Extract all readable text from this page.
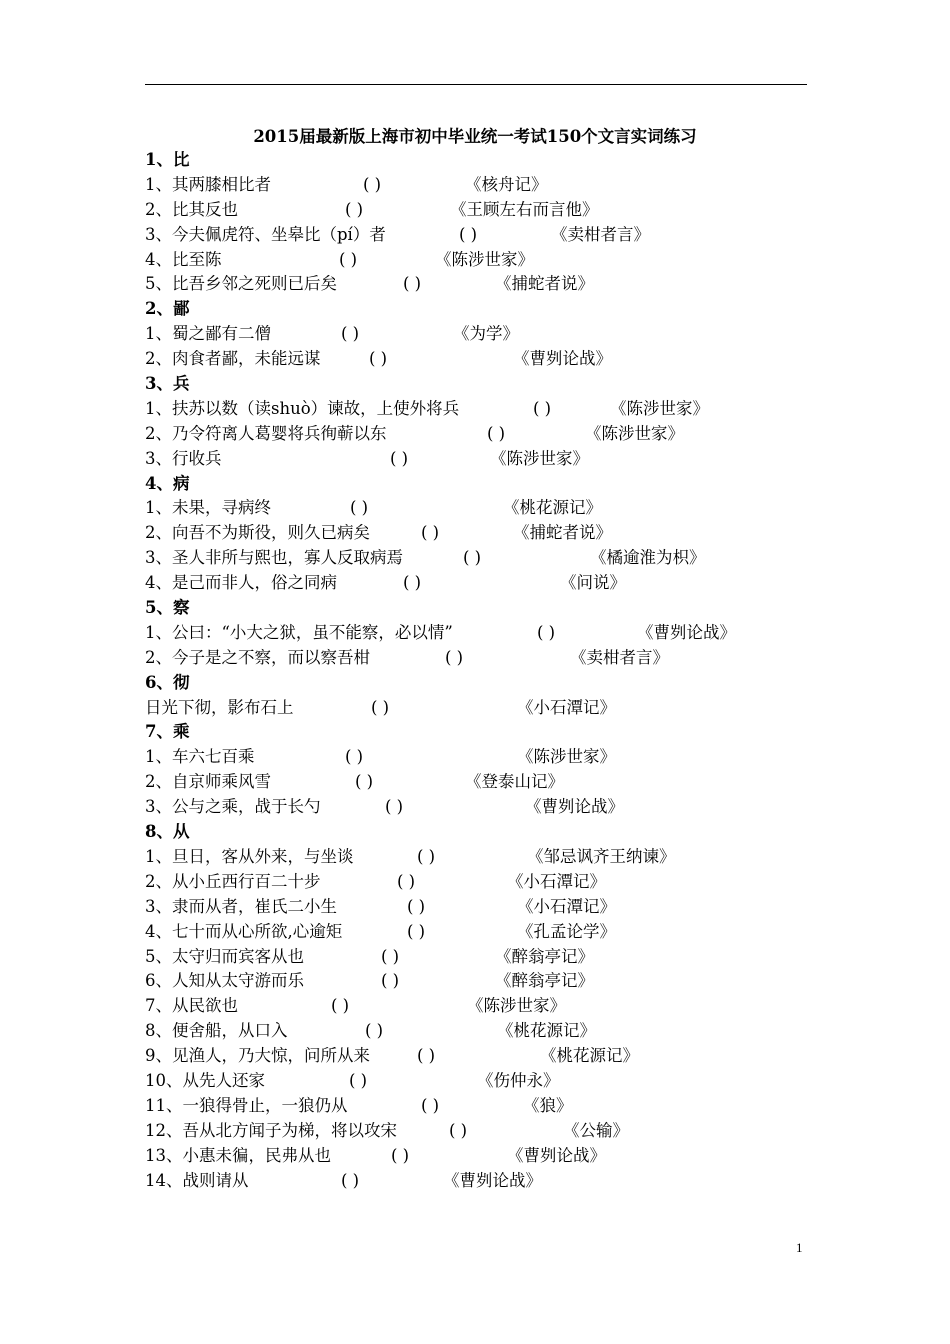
2015届最新版上海市初中毕业统一考试150个文言实词练习
1、比
1、其两膝相比者	( )	《核舟记》
2、比其反也	( )	《王顾左右而言他》
3、今夫佩虎符、坐皋比（pí）者	( )	《卖柑者言》
4、比至陈	( )	《陈涉世家》
5、比吾乡邻之死则已后矣	( )	《捕蛇者说》
2、鄙
1、蜀之鄙有二僧	( )	《为学》
2、肉食者鄙，未能远谋	( )	《曹刿论战》
3、兵
1、扶苏以数（读shuò）谏故，上使外将兵	( )	《陈涉世家》
2、乃令符离人葛婴将兵徇蕲以东	( )	《陈涉世家》
3、行收兵	( )	《陈涉世家》
4、病
1、未果，寻病终	( )	《桃花源记》
2、向吾不为斯役，则久已病矣	( )	《捕蛇者说》
3、圣人非所与熙也，寡人反取病焉	( )	《橘逾淮为枳》
4、是己而非人，俗之同病	( )	《问说》
5、察
1、公曰：“小大之狱，虽不能察，必以情”	( )	《曹刿论战》
2、今子是之不察，而以察吾柑	( )	《卖柑者言》
6、彻
日光下彻，影布石上	( )	《小石潭记》
7、乘
1、车六七百乘	( )	《陈涉世家》
2、自京师乘风雪	( )	《登泰山记》
3、公与之乘，战于长勺	( )	《曹刿论战》
8、从
1、旦日，客从外来，与坐谈	( )	《邹忌讽齐王纳谏》
2、从小丘西行百二十步	( )	《小石潭记》
3、隶而从者，崔氏二小生	( )	《小石潭记》
4、七十而从心所欲,心逾矩	( )	《孔孟论学》
5、太守归而宾客从也	( )	《醉翁亭记》
6、人知从太守游而乐	( )	《醉翁亭记》
7、从民欲也	( )	《陈涉世家》
8、便舍船，从口入	( )	《桃花源记》
9、见渔人，乃大惊，问所从来	( )	《桃花源记》
10、从先人还家	( )	《伤仲永》
11、一狼得骨止，一狼仍从	( )	《狼》
12、吾从北方闻子为梯，将以攻宋	( )	《公输》
13、小惠未徧，民弗从也	( )	《曹刿论战》
14、战则请从	( )	《曹刿论战》
1
